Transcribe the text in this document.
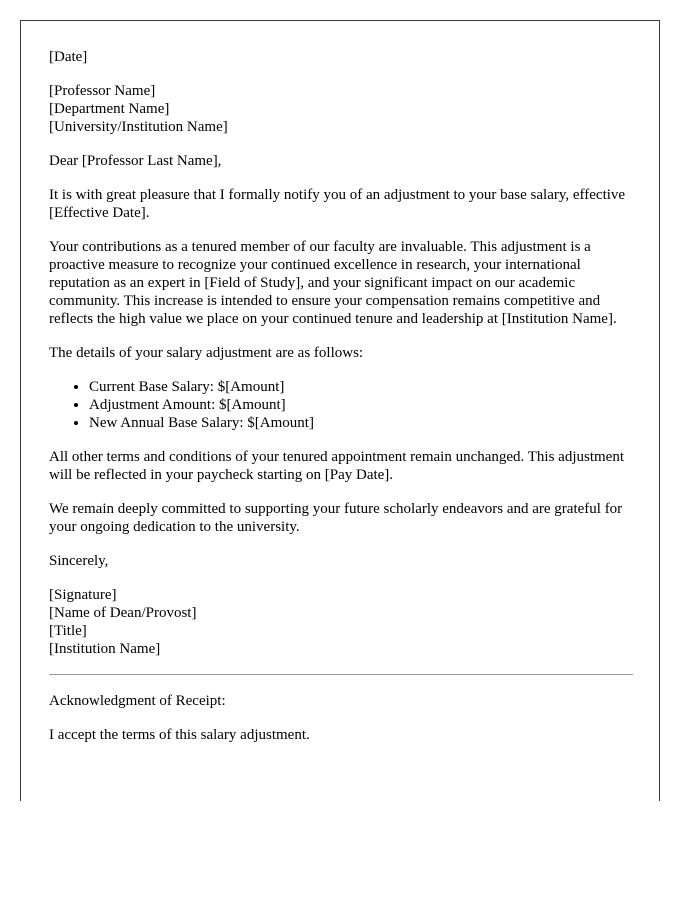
[Date]
[Professor Name]
[Department Name]
[University/Institution Name]

Dear [Professor Last Name],

It is with great pleasure that I formally notify you of an adjustment to your base salary, effective [Effective Date].

Your contributions as a tenured member of our faculty are invaluable. This adjustment is a proactive measure to recognize your continued excellence in research, your international reputation as an expert in [Field of Study], and your significant impact on our academic community. This increase is intended to ensure your compensation remains competitive and reflects the high value we place on your continued tenure and leadership at [Institution Name].

The details of your salary adjustment are as follows:

• Current Base Salary: $[Amount]
• Adjustment Amount: $[Amount]
• New Annual Base Salary: $[Amount]

All other terms and conditions of your tenured appointment remain unchanged. This adjustment will be reflected in your paycheck starting on [Pay Date].

We remain deeply committed to supporting your future scholarly endeavors and are grateful for your ongoing dedication to the university.

Sincerely,

[Signature]
[Name of Dean/Provost]
[Title]
[Institution Name]

Acknowledgment of Receipt:

I accept the terms of this salary adjustment.
